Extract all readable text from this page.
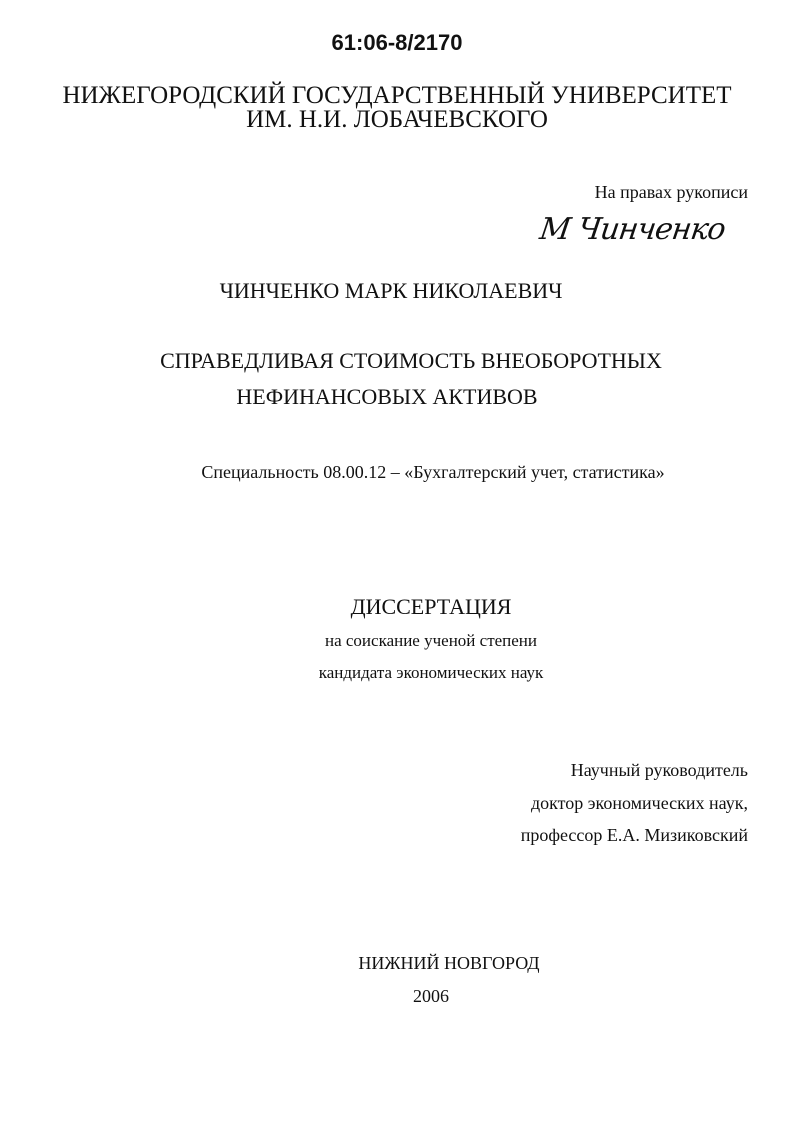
61:06-8/2170
НИЖЕГОРОДСКИЙ ГОСУДАРСТВЕННЫЙ УНИВЕРСИТЕТ
ИМ. Н.И. ЛОБАЧЕВСКОГО
На правах рукописи
М Чинченко
ЧИНЧЕНКО МАРК НИКОЛАЕВИЧ
СПРАВЕДЛИВАЯ СТОИМОСТЬ ВНЕОБОРОТНЫХ
НЕФИНАНСОВЫХ АКТИВОВ
Специальность 08.00.12 – «Бухгалтерский учет, статистика»
ДИССЕРТАЦИЯ
на соискание ученой степени
кандидата экономических наук
Научный руководитель
доктор экономических наук,
профессор Е.А. Мизиковский
НИЖНИЙ НОВГОРОД
2006
